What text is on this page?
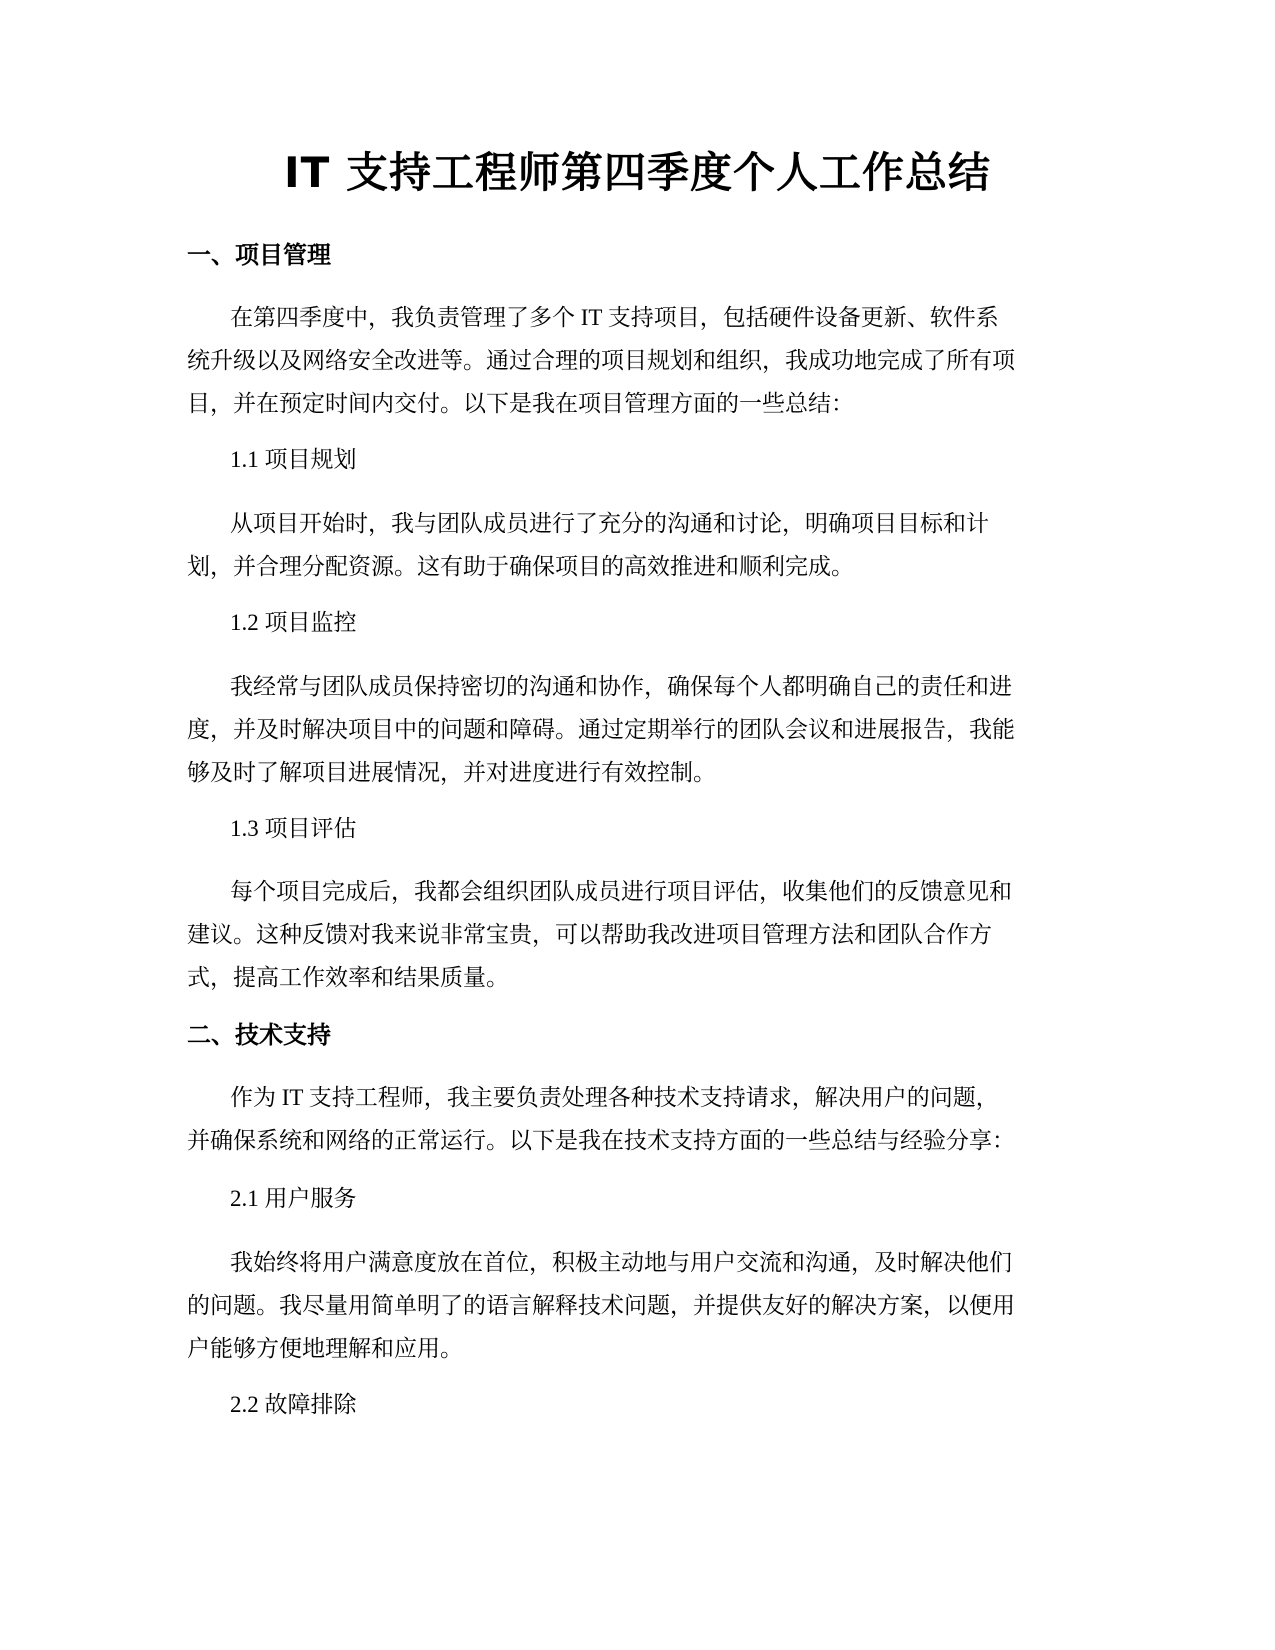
IT 支持工程师第四季度个人工作总结
一、项目管理
在第四季度中，我负责管理了多个 IT 支持项目，包括硬件设备更新、软件系
统升级以及网络安全改进等。通过合理的项目规划和组织，我成功地完成了所有项
目，并在预定时间内交付。以下是我在项目管理方面的一些总结：
1.1 项目规划
从项目开始时，我与团队成员进行了充分的沟通和讨论，明确项目目标和计
划，并合理分配资源。这有助于确保项目的高效推进和顺利完成。
1.2 项目监控
我经常与团队成员保持密切的沟通和协作，确保每个人都明确自己的责任和进
度，并及时解决项目中的问题和障碍。通过定期举行的团队会议和进展报告，我能
够及时了解项目进展情况，并对进度进行有效控制。
1.3 项目评估
每个项目完成后，我都会组织团队成员进行项目评估，收集他们的反馈意见和
建议。这种反馈对我来说非常宝贵，可以帮助我改进项目管理方法和团队合作方
式，提高工作效率和结果质量。
二、技术支持
作为 IT 支持工程师，我主要负责处理各种技术支持请求，解决用户的问题，
并确保系统和网络的正常运行。以下是我在技术支持方面的一些总结与经验分享：
2.1 用户服务
我始终将用户满意度放在首位，积极主动地与用户交流和沟通，及时解决他们
的问题。我尽量用简单明了的语言解释技术问题，并提供友好的解决方案，以便用
户能够方便地理解和应用。
2.2 故障排除
